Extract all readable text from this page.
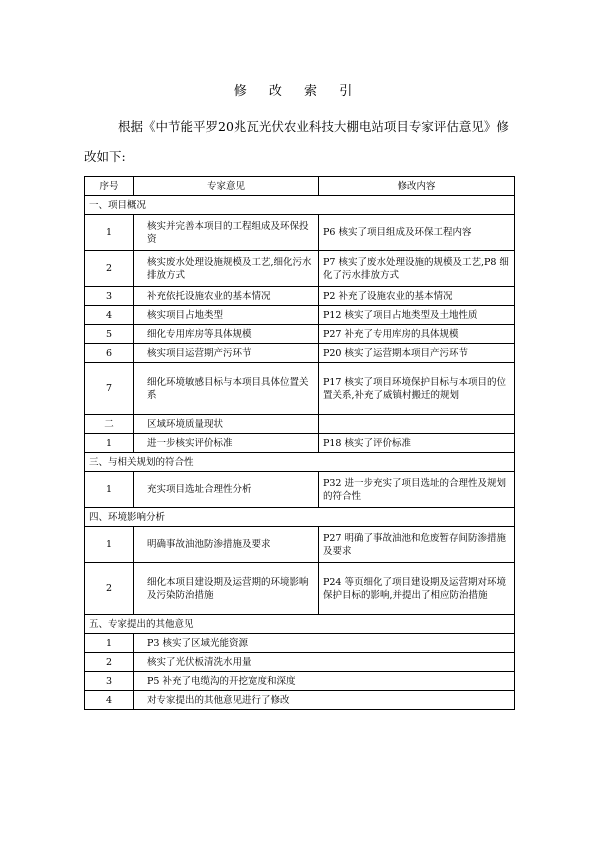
修 改 索 引
根据《中节能平罗20兆瓦光伏农业科技大棚电站项目专家评估意见》修改如下:
序号	专家意见	修改内容
一、项目概况		
1	核实并完善本项目的工程组成及环保投资	P6 核实了项目组成及环保工程内容
2	核实废水处理设施规模及工艺,细化污水排放方式	P7 核实了废水处理设施的规模及工艺,P8 细化了污水排放方式
3	补充依托设施农业的基本情况	P2 补充了设施农业的基本情况
4	核实项目占地类型	P12 核实了项目占地类型及土地性质
5	细化专用库房等具体规模	P27 补充了专用库房的具体规模
6	核实项目运营期产污环节	P20 核实了运营期本项目产污环节
7	细化环境敏感目标与本项目具体位置关系	P17 核实了项目环境保护目标与本项目的位置关系,补充了威镇村搬迁的规划
二	区域环境质量现状	
1	进一步核实评价标准	P18 核实了评价标准
三、与相关规划的符合性		
1	充实项目选址合理性分析	P32 进一步充实了项目选址的合理性及规划的符合性
四、环境影响分析		
1	明确事故油池防渗措施及要求	P27 明确了事故油池和危废暂存间防渗措施及要求
2	细化本项目建设期及运营期的环境影响及污染防治措施	P24 等页细化了项目建设期及运营期对环境保护目标的影响,并提出了相应防治措施
五、专家提出的其他意见		
1	P3 核实了区域光能资源	
2	核实了光伏板清洗水用量	
3	P5 补充了电缆沟的开挖宽度和深度	
4	对专家提出的其他意见进行了修改	
